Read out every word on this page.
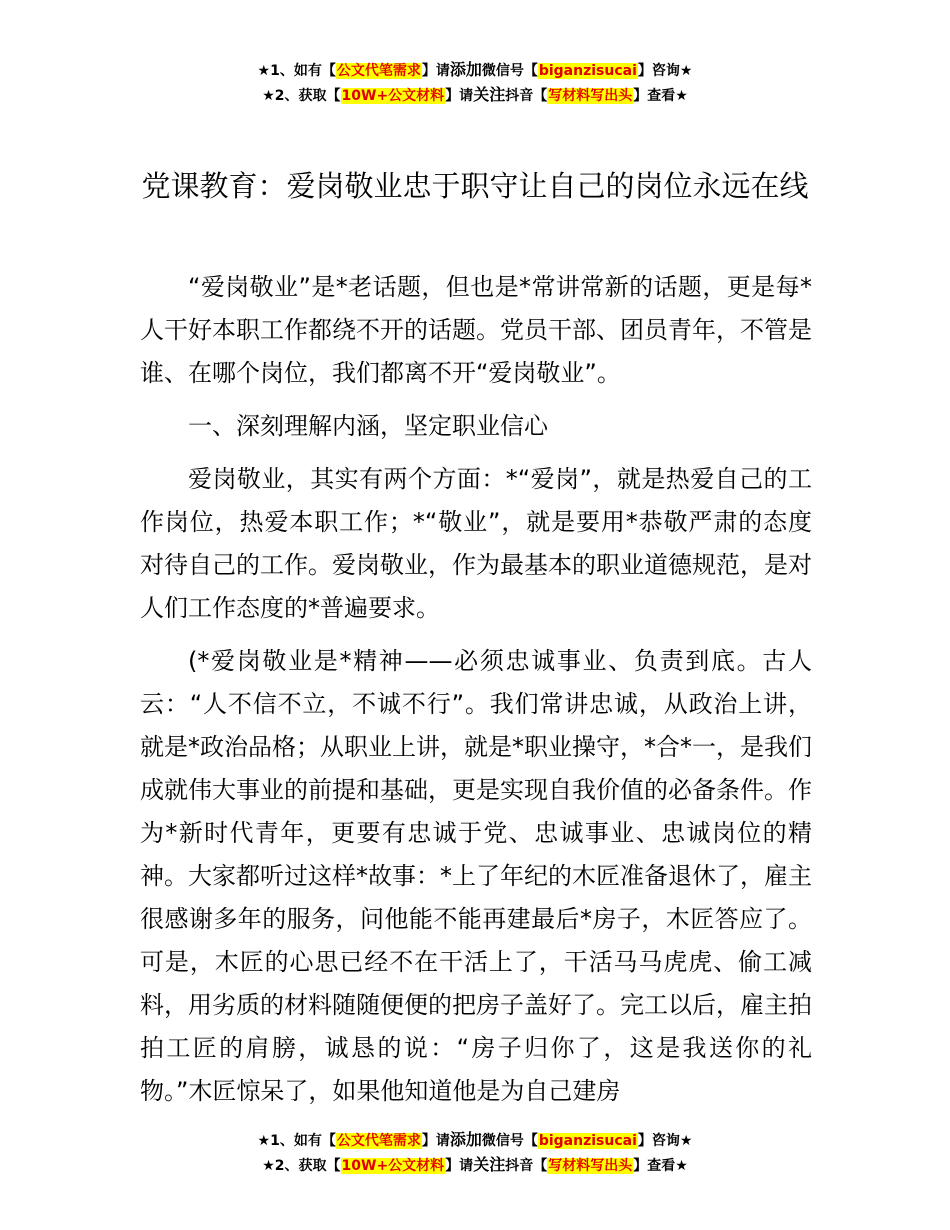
★1、如有【公文代笔需求】请添加微信号【biganzisucai】咨询★
★2、获取【10W+公文材料】请关注抖音【写材料写出头】查看★
党课教育：爱岗敬业忠于职守让自己的岗位永远在线

“爱岗敬业”是*老话题，但也是*常讲常新的话题，更是每*人干好本职工作都绕不开的话题。党员干部、团员青年，不管是谁、在哪个岗位，我们都离不开“爱岗敬业”。

一、深刻理解内涵，坚定职业信心

爱岗敬业，其实有两个方面：*“爱岗”，就是热爱自己的工作岗位，热爱本职工作；*“敬业”，就是要用*恭敬严肃的态度对待自己的工作。爱岗敬业，作为最基本的职业道德规范，是对人们工作态度的*普遍要求。

(*爱岗敬业是*精神——必须忠诚事业、负责到底。古人云：“人不信不立，不诚不行”。我们常讲忠诚，从政治上讲，就是*政治品格；从职业上讲，就是*职业操守，*合*一，是我们成就伟大事业的前提和基础，更是实现自我价值的必备条件。作为*新时代青年，更要有忠诚于党、忠诚事业、忠诚岗位的精神。大家都听过这样*故事：*上了年纪的木匠准备退休了，雇主很感谢多年的服务，问他能不能再建最后*房子，木匠答应了。可是，木匠的心思已经不在干活上了，干活马马虎虎、偷工减料，用劣质的材料随随便便的把房子盖好了。完工以后，雇主拍拍工匠的肩膀，诚恳的说：“房子归你了，这是我送你的礼物。”木匠惊呆了，如果他知道他是为自己建房

★1、如有【公文代笔需求】请添加微信号【biganzisucai】咨询★
★2、获取【10W+公文材料】请关注抖音【写材料写出头】查看★
